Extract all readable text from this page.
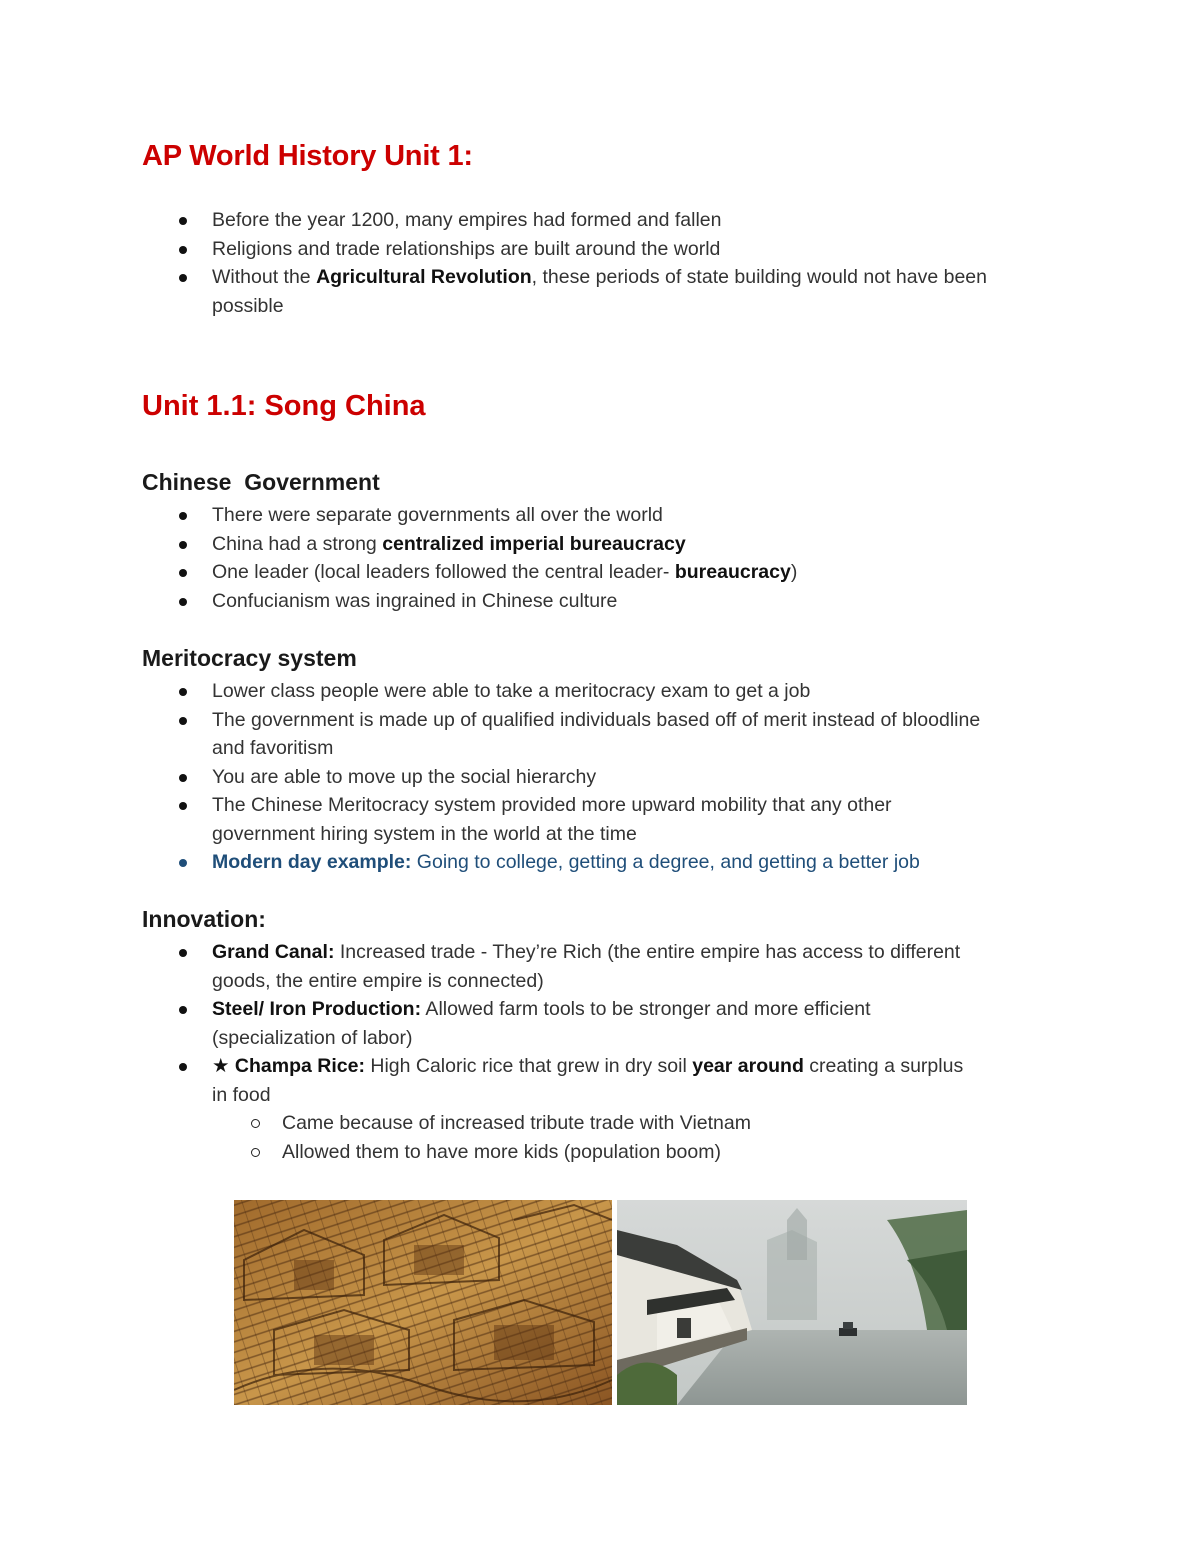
AP World History Unit 1:
Before the year 1200, many empires had formed and fallen
Religions and trade relationships are built around the world
Without the Agricultural Revolution, these periods of state building would not have been possible
Unit 1.1: Song China
Chinese  Government
There were separate governments all over the world
China had a strong centralized imperial bureaucracy
One leader (local leaders followed the central leader- bureaucracy)
Confucianism was ingrained in Chinese culture
Meritocracy system
Lower class people were able to take a meritocracy exam to get a job
The government is made up of qualified individuals based off of merit instead of bloodline and favoritism
You are able to move up the social hierarchy
The Chinese Meritocracy system provided more upward mobility that any other government hiring system in the world at the time
Modern day example: Going to college, getting a degree, and getting a better job
Innovation:
Grand Canal: Increased trade - They’re Rich (the entire empire has access to different goods, the entire empire is connected)
Steel/ Iron Production: Allowed farm tools to be stronger and more efficient (specialization of labor)
★ Champa Rice: High Caloric rice that grew in dry soil year around creating a surplus in food
Came because of increased tribute trade with Vietnam
Allowed them to have more kids (population boom)
